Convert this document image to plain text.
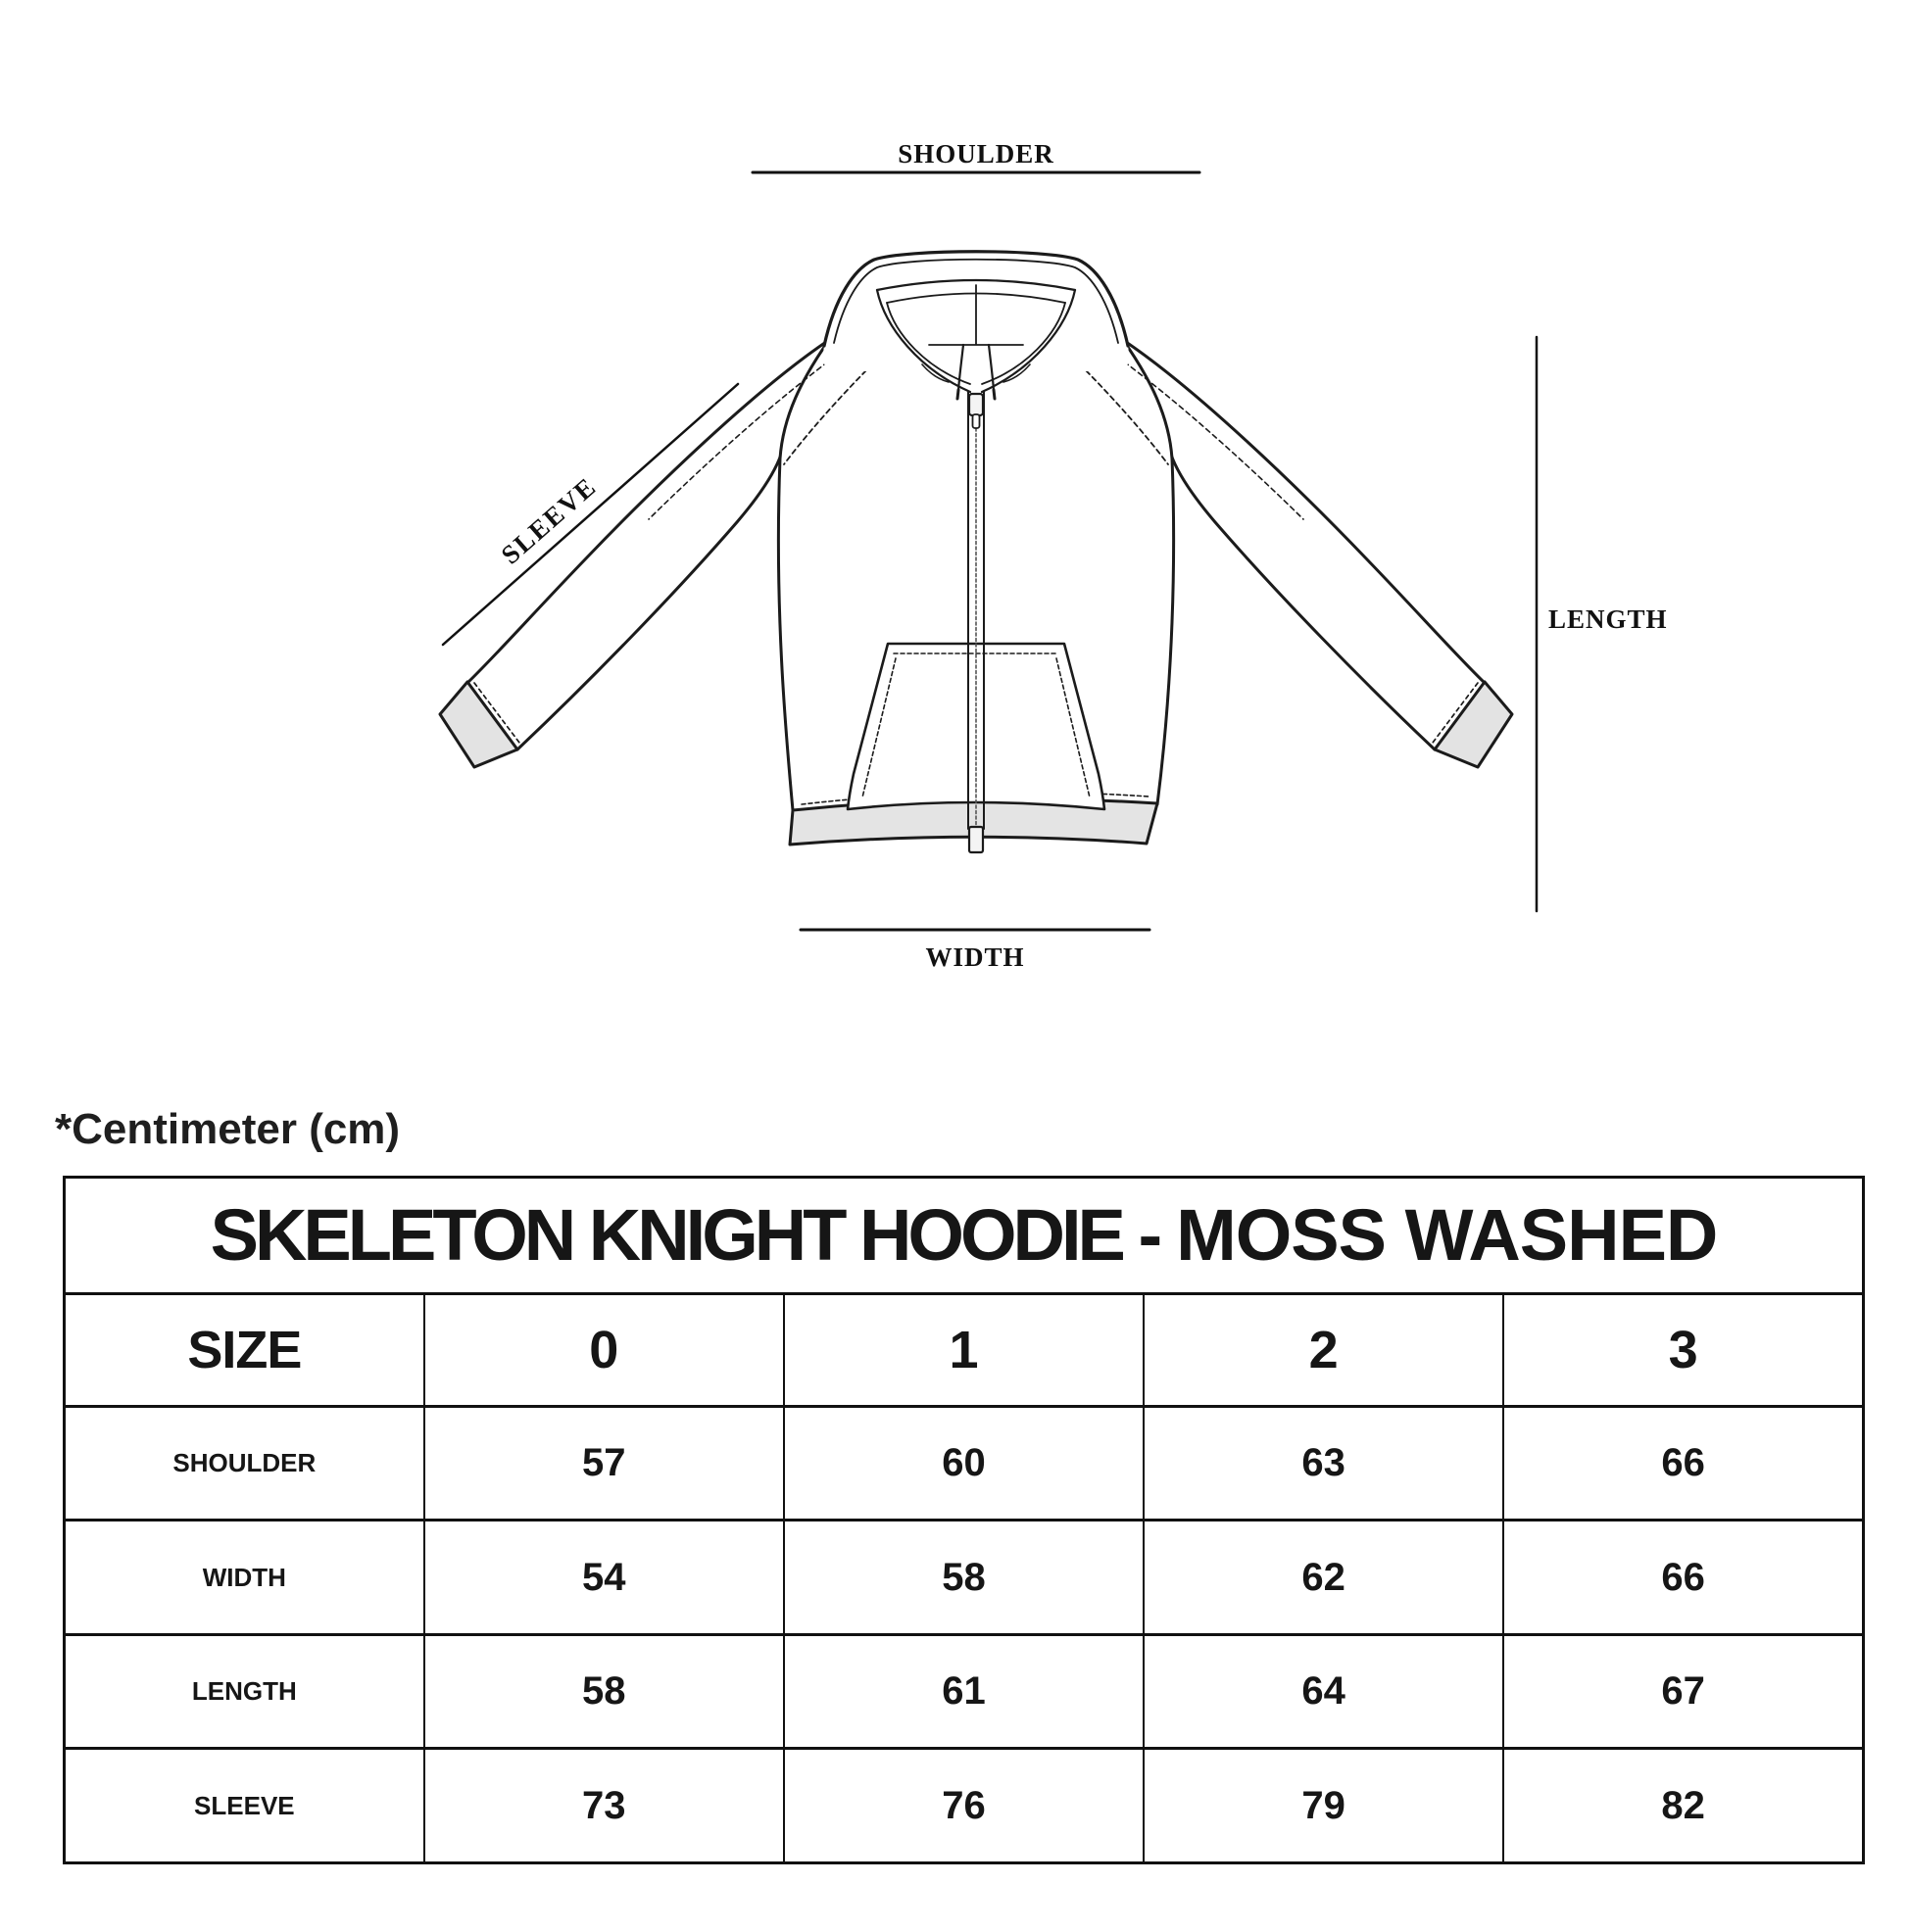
SHOULDER
SLEEVE
LENGTH
WIDTH
*Centimeter (cm)
SKELETON KNIGHT HOODIE - MOSS WASHED				

SIZE	0	1	2	3
SHOULDER	57	60	63	66
WIDTH	54	58	62	66
LENGTH	58	61	64	67
SLEEVE	73	76	79	82
